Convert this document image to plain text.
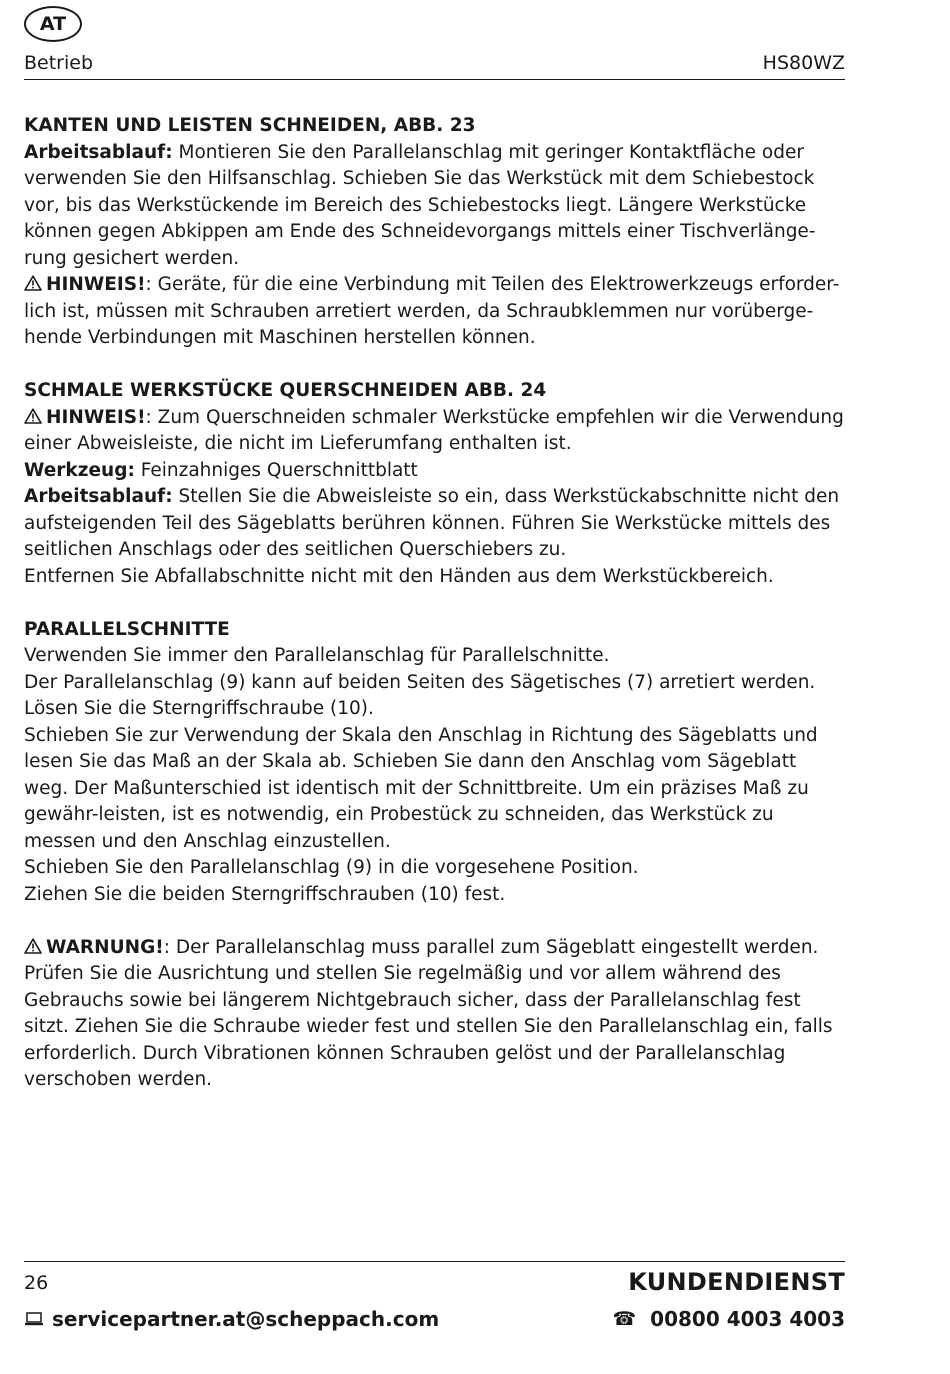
AT
Betrieb	HS80WZ

KANTEN UND LEISTEN SCHNEIDEN, ABB. 23

Arbeitsablauf: Montieren Sie den Parallelanschlag mit geringer Kontaktfläche oder verwenden Sie den Hilfsanschlag. Schieben Sie das Werkstück mit dem Schiebestock vor, bis das Werkstückende im Bereich des Schiebestocks liegt. Längere Werkstücke können gegen Abkippen am Ende des Schneidevorgangs mittels einer Tischverlänge-rung gesichert werden.

HINWEIS!: Geräte, für die eine Verbindung mit Teilen des Elektrowerkzeugs erforder-lich ist, müssen mit Schrauben arretiert werden, da Schraubklemmen nur vorüberge-hende Verbindungen mit Maschinen herstellen können.

SCHMALE WERKSTÜCKE QUERSCHNEIDEN ABB. 24

HINWEIS!: Zum Querschneiden schmaler Werkstücke empfehlen wir die Verwendung einer Abweisleiste, die nicht im Lieferumfang enthalten ist.

Werkzeug: Feinzahniges Querschnittblatt

Arbeitsablauf: Stellen Sie die Abweisleiste so ein, dass Werkstückabschnitte nicht den aufsteigenden Teil des Sägeblatts berühren können. Führen Sie Werkstücke mittels des seitlichen Anschlags oder des seitlichen Querschiebers zu.

Entfernen Sie Abfallabschnitte nicht mit den Händen aus dem Werkstückbereich.

PARALLELSCHNITTE

Verwenden Sie immer den Parallelanschlag für Parallelschnitte.

Der Parallelanschlag (9) kann auf beiden Seiten des Sägetisches (7) arretiert werden.

Lösen Sie die Sterngriffschraube (10).

Schieben Sie zur Verwendung der Skala den Anschlag in Richtung des Sägeblatts und lesen Sie das Maß an der Skala ab. Schieben Sie dann den Anschlag vom Sägeblatt weg. Der Maßunterschied ist identisch mit der Schnittbreite. Um ein präzises Maß zu gewähr-leisten, ist es notwendig, ein Probestück zu schneiden, das Werkstück zu messen und den Anschlag einzustellen.

Schieben Sie den Parallelanschlag (9) in die vorgesehene Position.

Ziehen Sie die beiden Sterngriffschrauben (10) fest.

WARNUNG!: Der Parallelanschlag muss parallel zum Sägeblatt eingestellt werden. Prüfen Sie die Ausrichtung und stellen Sie regelmäßig und vor allem während des Gebrauchs sowie bei längerem Nichtgebrauch sicher, dass der Parallelanschlag fest sitzt. Ziehen Sie die Schraube wieder fest und stellen Sie den Parallelanschlag ein, falls erforderlich. Durch Vibrationen können Schrauben gelöst und der Parallelanschlag verschoben werden.

26	KUNDENDIENST
servicepartner.at@scheppach.com	☎ 00800 4003 4003
